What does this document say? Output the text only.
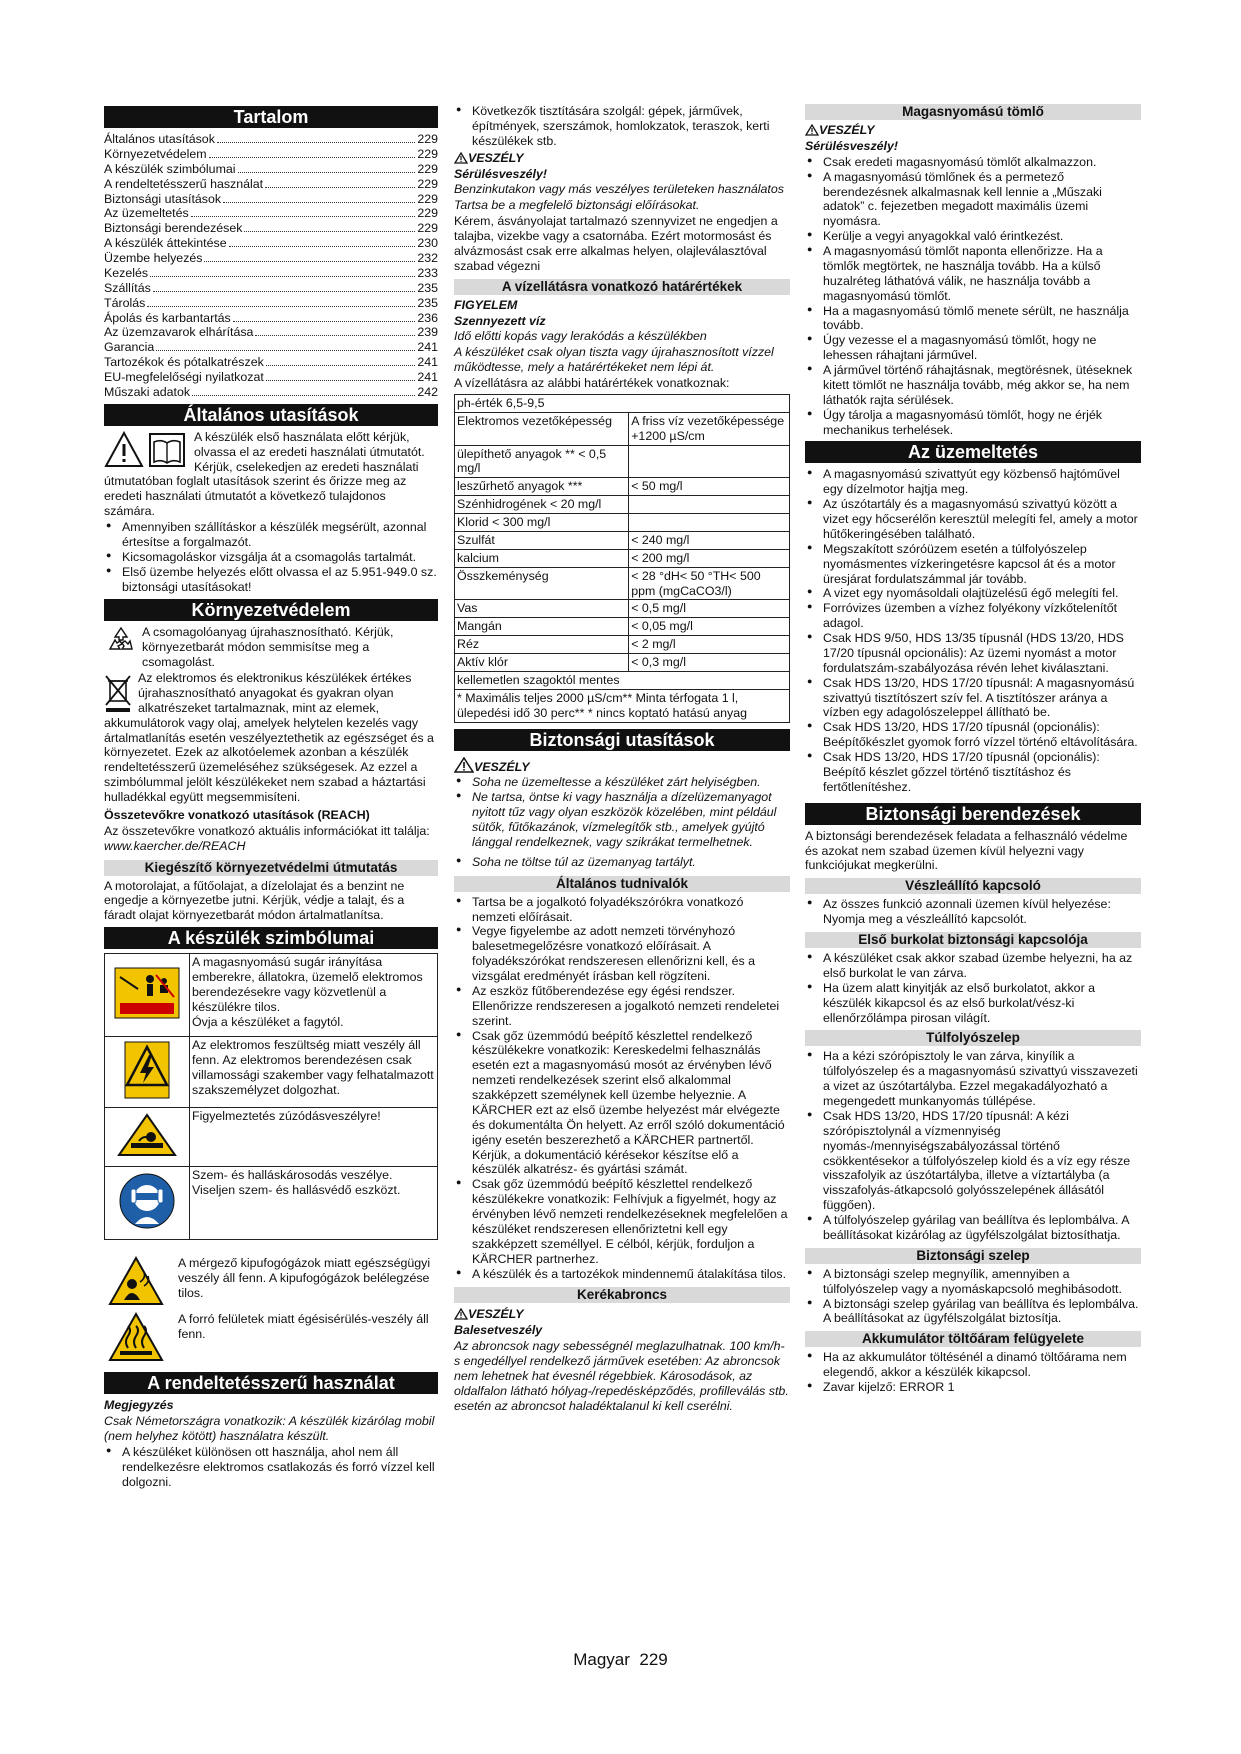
Tartalom
Általános utasítások	229
Környezetvédelem	229
A készülék szimbólumai	229
A rendeltetésszerű használat	229
Biztonsági utasítások	229
Az üzemeltetés	229
Biztonsági berendezések	229
A készülék áttekintése	230
Üzembe helyezés	232
Kezelés	233
Szállítás	235
Tárolás	235
Ápolás és karbantartás	236
Az üzemzavarok elhárítása	239
Garancia	241
Tartozékok és pótalkatrészek	241
EU-megfelelőségi nyilatkozat	241
Műszaki adatok	242
Általános utasítások

A készülék első használata előtt kérjük, olvassa el az eredeti használati útmutatót. Kérjük, cselekedjen az eredeti használati útmutatóban foglalt utasítások szerint és őrizze meg az eredeti használati útmutatót a következő tulajdonos számára.

● Amennyiben szállításkor a készülék megsérült, azonnal értesítse a forgalmazót.
● Kicsomagoláskor vizsgálja át a csomagolás tartalmát.
● Első üzembe helyezés előtt olvassa el az 5.951-949.0 sz. biztonsági utasításokat!
Környezetvédelem

A csomagolóanyag újrahasznosítható. Kérjük, környezetbarát módon semmisítse meg a csomagolást.

Az elektromos és elektronikus készülékek értékes újrahasznosítható anyagokat és gyakran olyan alkatrészeket tartalmaznak, mint az elemek, akkumulátorok vagy olaj, amelyek helytelen kezelés vagy ártalmatlanítás esetén veszélyeztethetik az egészséget és a környezetet. Ezek az alkotóelemek azonban a készülék rendeltetésszerű üzemeléséhez szükségesek. Az ezzel a szimbólummal jelölt készülékeket nem szabad a háztartási hulladékkal együtt megsemmisíteni.

Összetevőkre vonatkozó utasítások (REACH)

Az összetevőkre vonatkozó aktuális információkat itt találja: www.kaercher.de/REACH

Kiegészítő környezetvédelmi útmutatás

A motorolajat, a fűtőolajat, a dízelolajat és a benzint ne engedje a környezetbe jutni. Kérjük, védje a talajt, és a fáradt olajat környezetbarát módon ártalmatlanítsa.

A készülék szimbólumai

A magasnyomású sugár irányítása emberekre, állatokra, üzemelő elektromos berendezésekre vagy közvetlenül a készülékre tilos.
Óvja a készüléket a fagytól.

Az elektromos feszültség miatt veszély áll fenn. Az elektromos berendezésen csak villamossági szakember vagy felhatalmazott szakszemélyzet dolgozhat.

Figyelmeztetés zúzódásveszélyre!

Szem- és halláskárosodás veszélye. Viseljen szem- és hallásvédő eszközt.

A mérgező kipufogógázok miatt egészségügyi veszély áll fenn. A kipufogógázok belélegzése tilos.

A forró felületek miatt égésisérülés-veszély áll fenn.

A rendeltetésszerű használat

Megjegyzés

Csak Németországra vonatkozik: A készülék kizárólag mobil (nem helyhez kötött) használatra készült.

● A készüléket különösen ott használja, ahol nem áll rendelkezésre elektromos csatlakozás és forró vízzel kell dolgozni.
● Következők tisztítására szolgál: gépek, járművek, építmények, szerszámok, homlokzatok, teraszok, kerti készülékek stb.

VESZÉLY

Sérülésveszély!

Benzinkutakon vagy más veszélyes területeken használatos

Tartsa be a megfelelő biztonsági előírásokat.

Kérem, ásványolajat tartalmazó szennyvizet ne engedjen a talajba, vizekbe vagy a csatornába. Ezért motormosást és alvázmosást csak erre alkalmas helyen, olajleválasztóval szabad végezni

A vízellátásra vonatkozó határértékek

FIGYELEM

Szennyezett víz

Idő előtti kopás vagy lerakódás a készülékben

A készüléket csak olyan tiszta vagy újrahasznosított vízzel működtesse, mely a határértékeket nem lépi át.

A vízellátásra az alábbi határértékek vonatkoznak:

ph-érték 6,5-9,5	
Elektromos vezetőképesség	A friss víz vezetőképessége +1200 µS/cm
ülepíthető anyagok ** < 0,5 mg/l	
leszűrhető anyagok ***	< 50 mg/l
Szénhidrogének < 20 mg/l	
Klorid < 300 mg/l	
Szulfát	< 240 mg/l
kalcium	< 200 mg/l
Összkeménység	< 28 °dH< 50 °TH< 500 ppm (mgCaCO3/l)
Vas	< 0,5 mg/l
Mangán	< 0,05 mg/l
Réz	< 2 mg/l
Aktív klór	< 0,3 mg/l
kellemetlen szagoktól mentes	
* Maximális teljes 2000 µS/cm** Minta térfogata 1 l, ülepedési idő 30 perc** * nincs koptató hatású anyag
Biztonsági utasítások

VESZÉLY

● Soha ne üzemeltesse a készüléket zárt helyiségben.
● Ne tartsa, öntse ki vagy használja a dízelüzemanyagot nyitott tűz vagy olyan eszközök közelében, mint például sütők, fűtőkazánok, vízmelegítők stb., amelyek gyújtó lánggal rendelkeznek, vagy szikrákat termelhetnek.
● Soha ne töltse túl az üzemanyag tartályt.
Általános tudnivalók
● Tartsa be a jogalkotó folyadékszórókra vonatkozó nemzeti előírásait.
● Vegye figyelembe az adott nemzeti törvényhozó balesetmegelőzésre vonatkozó előírásait. A folyadékszórókat rendszeresen ellenőrizni kell, és a vizsgálat eredményét írásban kell rögzíteni.
● Az eszköz fűtőberendezése egy égési rendszer. Ellenőrizze rendszeresen a jogalkotó nemzeti rendeletei szerint.
● Csak gőz üzemmódú beépítő készlettel rendelkező készülékekre vonatkozik: Kereskedelmi felhasználás esetén ezt a magasnyomású mosót az érvényben lévő nemzeti rendelkezések szerint első alkalommal szakképzett személynek kell üzembe helyeznie. A KÄRCHER ezt az első üzembe helyezést már elvégezte és dokumentálta Ön helyett. Az erről szóló dokumentáció igény esetén beszerezhető a KÄRCHER partnertől. Kérjük, a dokumentáció kérésekor készítse elő a készülék alkatrész- és gyártási számát.
● Csak gőz üzemmódú beépítő készlettel rendelkező készülékekre vonatkozik: Felhívjuk a figyelmét, hogy az érvényben lévő nemzeti rendelkezéseknek megfelelően a készüléket rendszeresen ellenőriztetni kell egy szakképzett személlyel. E célból, kérjük, forduljon a KÄRCHER partnerhez.
● A készülék és a tartozékok mindennemű átalakítása tilos.
Kerékabroncs

VESZÉLY

Balesetveszély

Az abroncsok nagy sebességnél meglazulhatnak. 100 km/h-s engedéllyel rendelkező járművek esetében: Az abroncsok nem lehetnek hat évesnél régebbiek. Károsodások, az oldalfalon látható hólyag-/repedésképződés, profilleválás stb. esetén az abroncsot haladéktalanul ki kell cserélni.

Magasnyomású tömlő

VESZÉLY

Sérülésveszély!

● Csak eredeti magasnyomású tömlőt alkalmazzon.
● A magasnyomású tömlőnek és a permetező berendezésnek alkalmasnak kell lennie a „Műszaki adatok” c. fejezetben megadott maximális üzemi nyomásra.
● Kerülje a vegyi anyagokkal való érintkezést.
● A magasnyomású tömlőt naponta ellenőrizze. Ha a tömlők megtörtek, ne használja tovább. Ha a külső huzalréteg láthatóvá válik, ne használja tovább a magasnyomású tömlőt.
● Ha a magasnyomású tömlő menete sérült, ne használja tovább.
● Úgy vezesse el a magasnyomású tömlőt, hogy ne lehessen ráhajtani járművel.
● A járművel történő ráhajtásnak, megtörésnek, ütéseknek kitett tömlőt ne használja tovább, még akkor se, ha nem láthatók rajta sérülések.
● Úgy tárolja a magasnyomású tömlőt, hogy ne érjék mechanikus terhelések.
Az üzemeltetés
● A magasnyomású szivattyút egy közbenső hajtóművel egy dízelmotor hajtja meg.
● Az úszótartály és a magasnyomású szivattyú között a vizet egy hőcserélőn keresztül melegíti fel, amely a motor hűtőkeringésében található.
● Megszakított szóróüzem esetén a túlfolyószelep nyomásmentes vízkeringetésre kapcsol át és a motor üresjárat fordulatszámmal jár tovább.
● A vizet egy nyomásoldali olajtüzelésű égő melegíti fel.
● Forróvizes üzemben a vízhez folyékony vízkőtelenítőt adagol.
● Csak HDS 9/50, HDS 13/35 típusnál (HDS 13/20, HDS 17/20 típusnál opcionális): Az üzemi nyomást a motor fordulatszám-szabályozása révén lehet kiválasztani.
● Csak HDS 13/20, HDS 17/20 típusnál: A magasnyomású szivattyú tisztítószert szív fel. A tisztítószer aránya a vízben egy adagolószeleppel állítható be.
● Csak HDS 13/20, HDS 17/20 típusnál (opcionális): Beépítőkészlet gyomok forró vízzel történő eltávolítására.
● Csak HDS 13/20, HDS 17/20 típusnál (opcionális): Beépítő készlet gőzzel történő tisztításhoz és fertőtlenítéshez.
Biztonsági berendezések

A biztonsági berendezések feladata a felhasználó védelme és azokat nem szabad üzemen kívül helyezni vagy funkciójukat megkerülni.

Vészleállító kapcsoló
● Az összes funkció azonnali üzemen kívül helyezése: Nyomja meg a vészleállító kapcsolót.
Első burkolat biztonsági kapcsolója
● A készüléket csak akkor szabad üzembe helyezni, ha az első burkolat le van zárva.
● Ha üzem alatt kinyitják az első burkolatot, akkor a készülék kikapcsol és az első burkolat/vész-ki ellenőrzőlámpa pirosan világít.
Túlfolyószelep
● Ha a kézi szórópisztoly le van zárva, kinyílik a túlfolyószelep és a magasnyomású szivattyú visszavezeti a vizet az úszótartályba. Ezzel megakadályozható a megengedett munkanyomás túllépése.
● Csak HDS 13/20, HDS 17/20 típusnál: A kézi szórópisztolynál a vízmennyiség nyomás-/mennyiségszabályozással történő csökkentésekor a túlfolyószelep kiold és a víz egy része visszafolyik az úszótartályba, illetve a víztartályba (a visszafolyás-átkapcsoló golyósszelepének állásától függően).
● A túlfolyószelep gyárilag van beállítva és leplombálva. A beállításokat kizárólag az ügyfélszolgálat biztosíthatja.
Biztonsági szelep
● A biztonsági szelep megnyílik, amennyiben a túlfolyószelep vagy a nyomáskapcsoló meghibásodott.
● A biztonsági szelep gyárilag van beállítva és leplombálva. A beállításokat az ügyfélszolgálat biztosítja.
Akkumulátor töltőáram felügyelete
● Ha az akkumulátor töltésénél a dinamó töltőárama nem elegendő, akkor a készülék kikapcsol.
● Zavar kijelző: ERROR 1
Magyar 229
